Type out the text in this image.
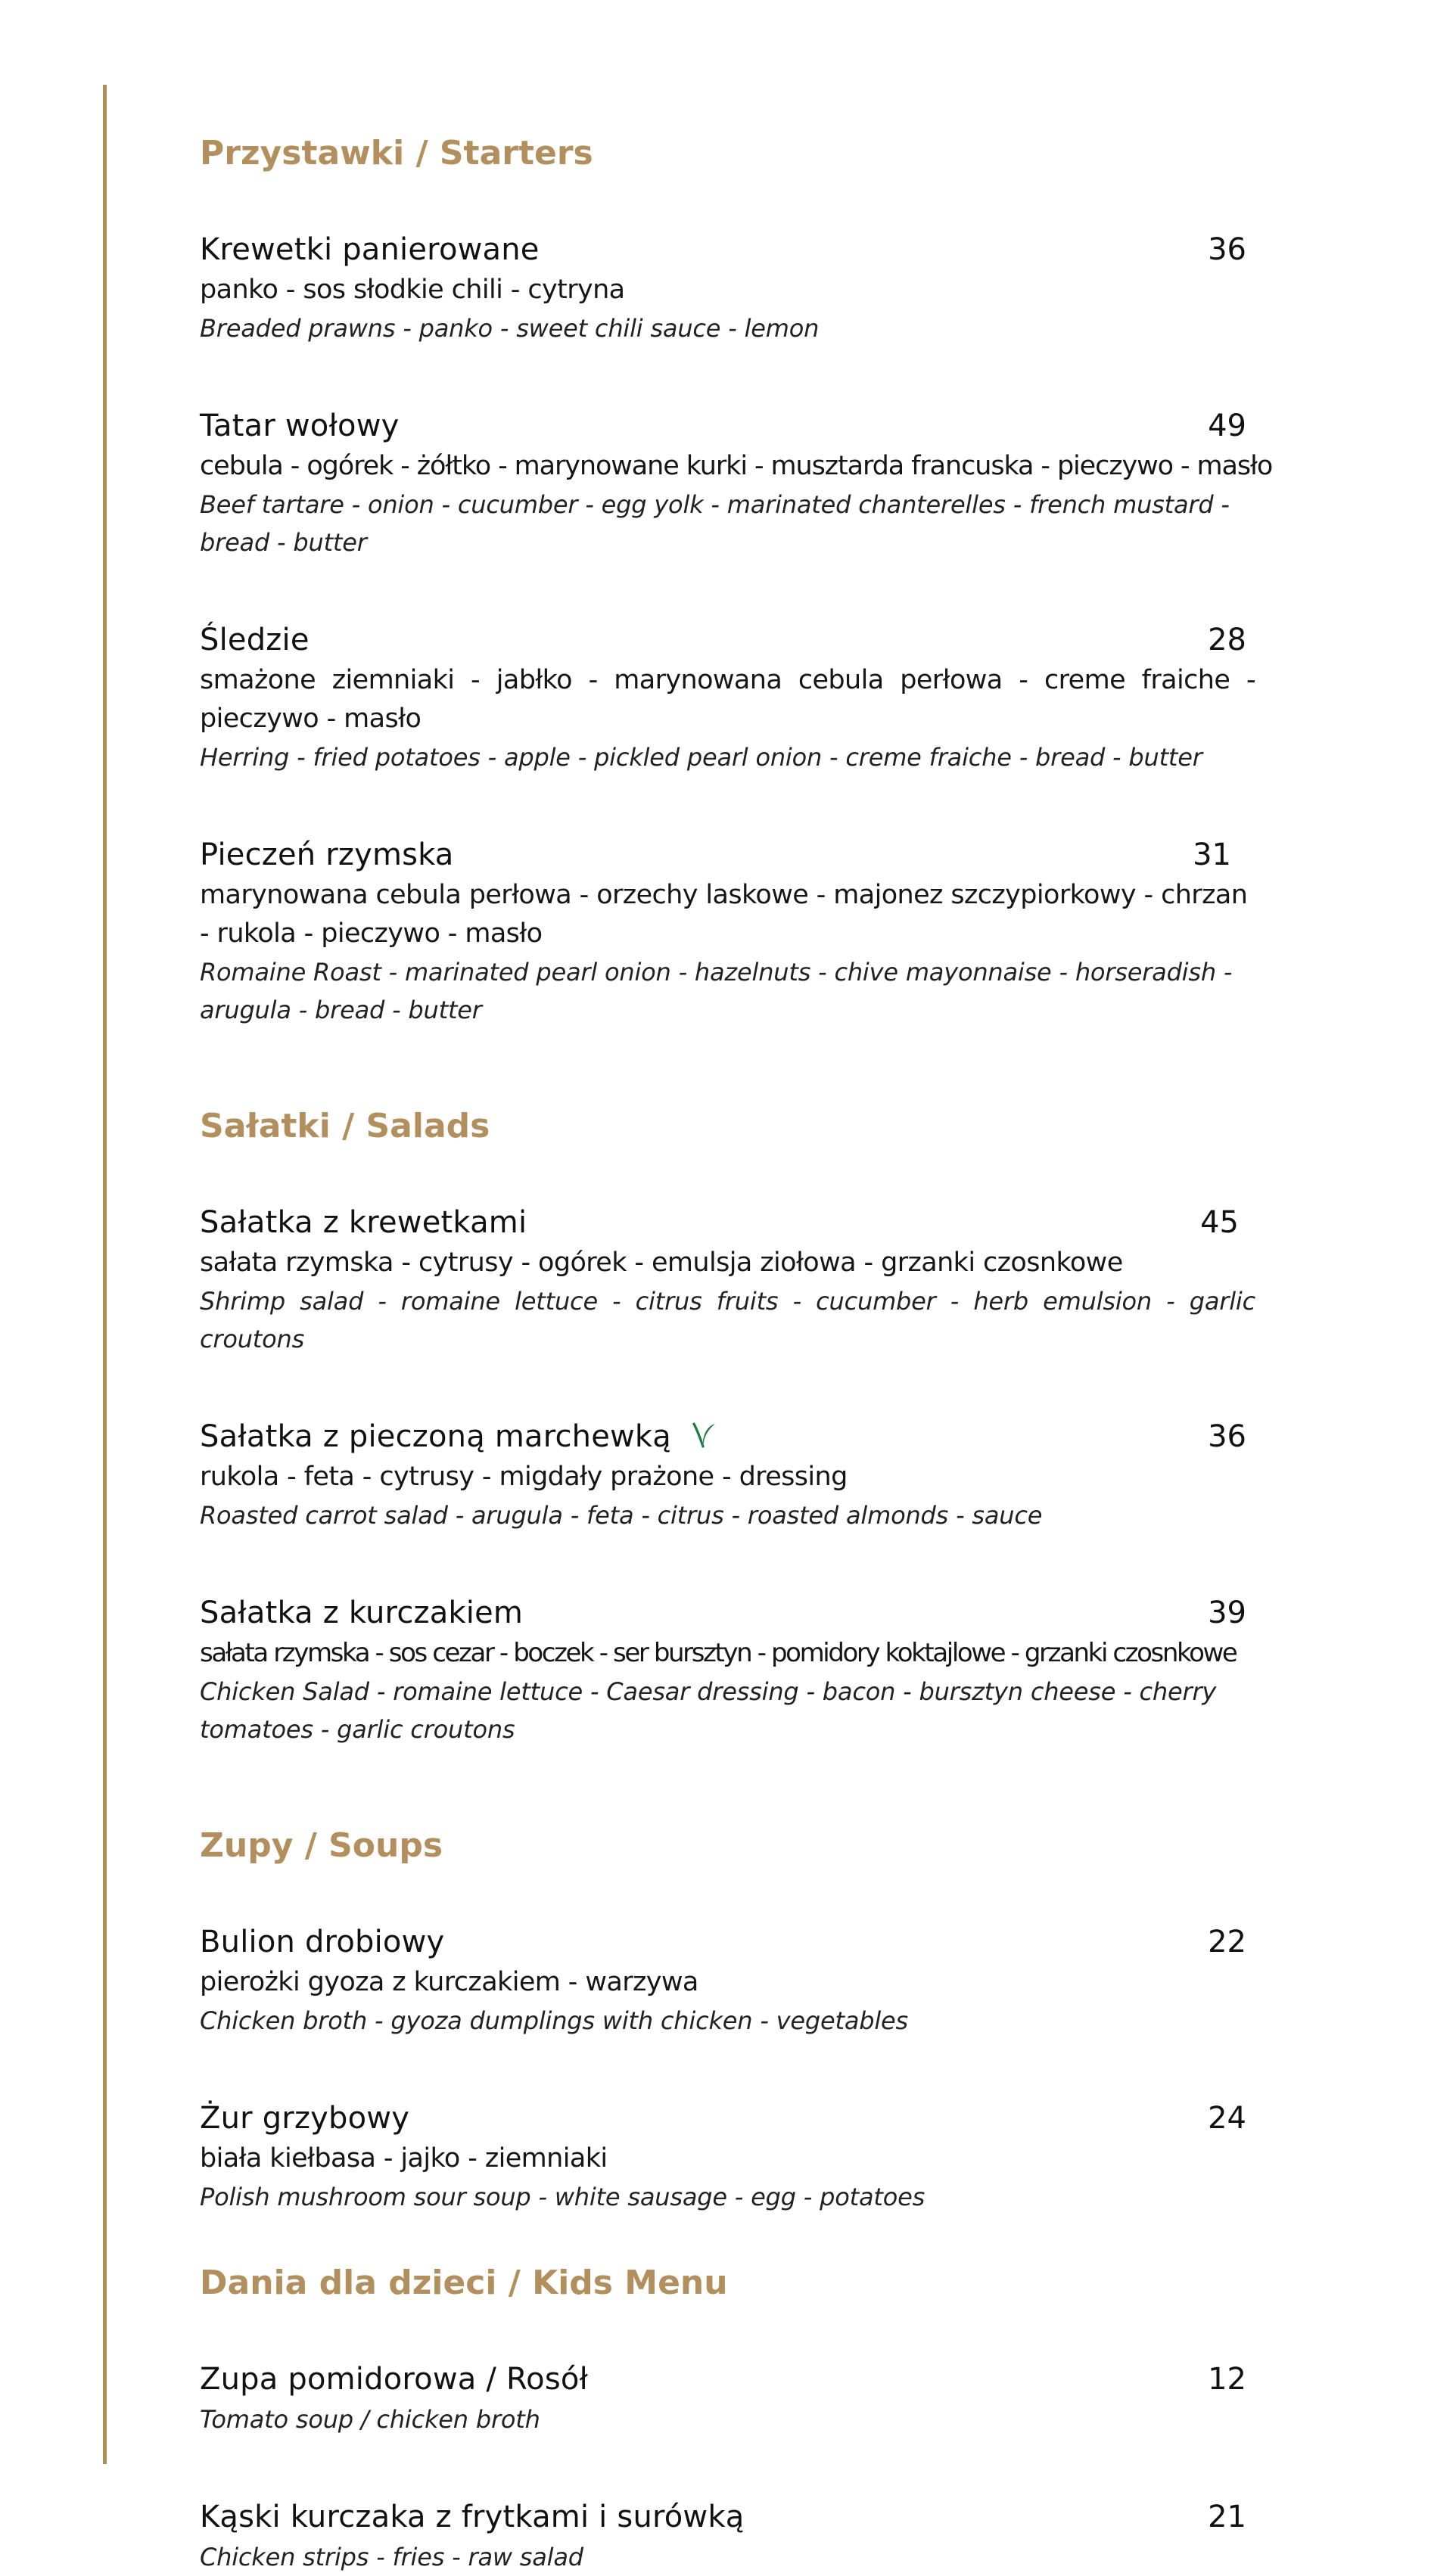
Przystawki / Starters
Krewetki panierowane	36
panko - sos słodkie chili - cytryna
Breaded prawns - panko - sweet chili sauce - lemon
Tatar wołowy	49
cebula - ogórek - żółtko - marynowane kurki - musztarda francuska - pieczywo - masło
Beef tartare - onion - cucumber - egg yolk - marinated chanterelles - french mustard - bread - butter
Śledzie	28
smażone ziemniaki - jabłko - marynowana cebula perłowa - creme fraiche - pieczywo - masło
Herring - fried potatoes - apple - pickled pearl onion - creme fraiche - bread - butter
Pieczeń rzymska	31
marynowana cebula perłowa - orzechy laskowe - majonez szczypiorkowy - chrzan - rukola - pieczywo - masło
Romaine Roast - marinated pearl onion - hazelnuts - chive mayonnaise - horseradish - arugula - bread - butter
Sałatki / Salads
Sałatka z krewetkami	45
sałata rzymska - cytrusy - ogórek - emulsja ziołowa - grzanki czosnkowe
Shrimp salad - romaine lettuce - citrus fruits - cucumber - herb emulsion - garlic croutons
Sałatka z pieczoną marchewką	36
rukola - feta - cytrusy - migdały prażone - dressing
Roasted carrot salad - arugula - feta - citrus - roasted almonds - sauce
Sałatka z kurczakiem	39
sałata rzymska - sos cezar - boczek - ser bursztyn - pomidory koktajlowe - grzanki czosnkowe
Chicken Salad - romaine lettuce - Caesar dressing - bacon - bursztyn cheese - cherry tomatoes - garlic croutons
Zupy / Soups
Bulion drobiowy	22
pierożki gyoza z kurczakiem - warzywa
Chicken broth - gyoza dumplings with chicken - vegetables
Żur grzybowy	24
biała kiełbasa - jajko - ziemniaki
Polish mushroom sour soup - white sausage - egg - potatoes
Dania dla dzieci / Kids Menu
Zupa pomidorowa / Rosół	12
Tomato soup / chicken broth
Kąski kurczaka z frytkami i surówką	21
Chicken strips - fries - raw salad
